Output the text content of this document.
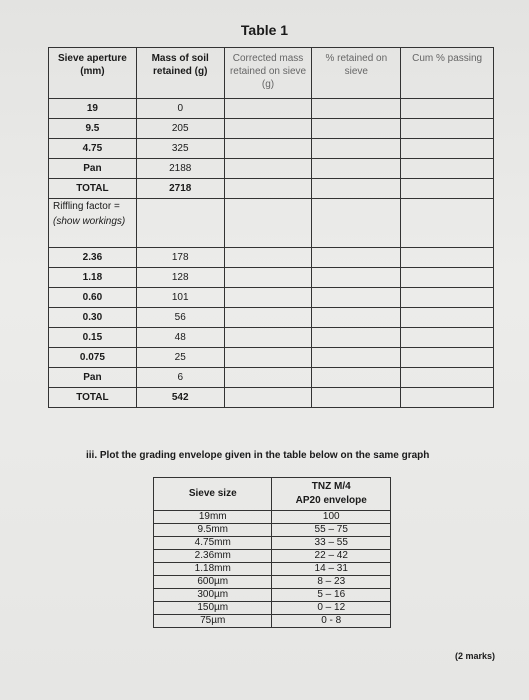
Table 1
Sieve aperture (mm)	Mass of soil retained (g)	Corrected mass retained on sieve (g)	% retained on sieve	Cum % passing
19	0			
9.5	205			
4.75	325			
Pan	2188			
TOTAL	2718			
Riffling factor =
(show workings)				
2.36	178			
1.18	128			
0.60	101			
0.30	56			
0.15	48			
0.075	25			
Pan	6			
TOTAL	542			
iii. Plot the grading envelope given in the table below on the same graph
Sieve size	TNZ M/4
AP20 envelope
19mm	100
9.5mm	55 – 75
4.75mm	33 – 55
2.36mm	22 – 42
1.18mm	14 – 31
600µm	8 – 23
300µm	5 – 16
150µm	0 – 12
75µm	0 - 8
(2 marks)
